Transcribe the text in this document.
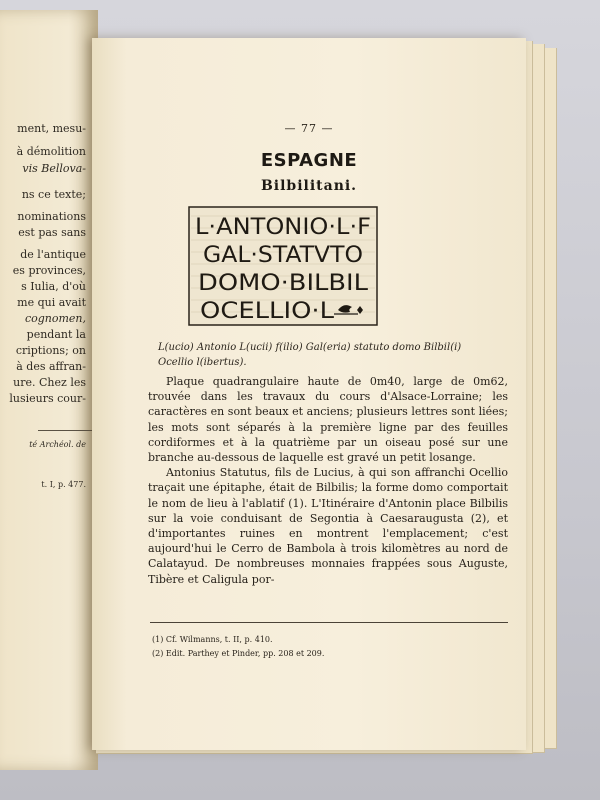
ment, mesu-
à démolition
vis Bellova-
ns ce texte;
nominations
est pas sans
de l'antique
es provinces,
s Iulia, d'où
me qui avait
cognomen,
pendant la
criptions; on
à des affran-
ure. Chez les
lusieurs cour-
té Archéol. de
t. I, p. 477.
— 77 —
ESPAGNE
Bilbilitani.
L·ANTONIO·L·F
GAL·STATVTO
DOMO·BILBIL
OCELLIO·L
L(ucio) Antonio L(ucii) f(ilio) Gal(eria) statuto domo Bilbil(i) Ocellio l(ibertus).

Plaque quadrangulaire haute de 0m40, large de 0m62, trouvée dans les travaux du cours d'Alsace-Lorraine; les caractères en sont beaux et anciens; plusieurs lettres sont liées; les mots sont séparés à la première ligne par des feuilles cordiformes et à la quatrième par un oiseau posé sur une branche au-dessous de laquelle est gravé un petit losange.

Antonius Statutus, fils de Lucius, à qui son affranchi Ocellio traçait une épitaphe, était de Bilbilis; la forme domo comportait le nom de lieu à l'ablatif (1). L'Itinéraire d'Antonin place Bilbilis sur la voie conduisant de Segontia à Caesaraugusta (2), et d'importantes ruines en montrent l'emplacement; c'est aujourd'hui le Cerro de Bambola à trois kilomètres au nord de Calatayud. De nombreuses monnaies frappées sous Auguste, Tibère et Caligula por-

(1) Cf. Wilmanns, t. II, p. 410.
(2) Edit. Parthey et Pinder, pp. 208 et 209.
